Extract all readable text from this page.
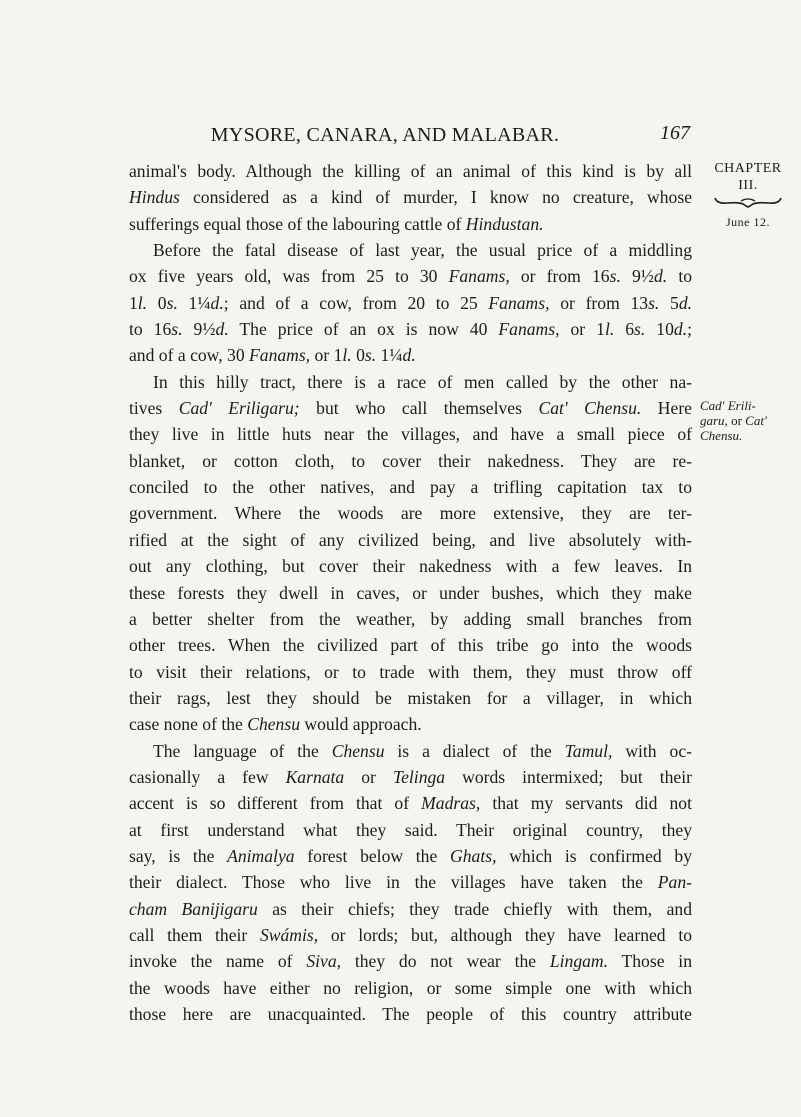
MYSORE, CANARA, AND MALABAR.	167
CHAPTER
III.
June 12.
Cad' Erili-
garu, or Cat'
Chensu.
animal's body. Although the killing of an animal of this kind is by all
Hindus considered as a kind of murder, I know no creature, whose
sufferings equal those of the labouring cattle of Hindustan.
Before the fatal disease of last year, the usual price of a middling
ox five years old, was from 25 to 30 Fanams, or from 16s. 9½d. to
1l. 0s. 1¼d.; and of a cow, from 20 to 25 Fanams, or from 13s. 5d.
to 16s. 9½d. The price of an ox is now 40 Fanams, or 1l. 6s. 10d.;
and of a cow, 30 Fanams, or 1l. 0s. 1¼d.
In this hilly tract, there is a race of men called by the other na-
tives Cad' Eriligaru; but who call themselves Cat' Chensu. Here
they live in little huts near the villages, and have a small piece of
blanket, or cotton cloth, to cover their nakedness. They are re-
conciled to the other natives, and pay a trifling capitation tax to
government. Where the woods are more extensive, they are ter-
rified at the sight of any civilized being, and live absolutely with-
out any clothing, but cover their nakedness with a few leaves. In
these forests they dwell in caves, or under bushes, which they make
a better shelter from the weather, by adding small branches from
other trees. When the civilized part of this tribe go into the woods
to visit their relations, or to trade with them, they must throw off
their rags, lest they should be mistaken for a villager, in which
case none of the Chensu would approach.
The language of the Chensu is a dialect of the Tamul, with oc-
casionally a few Karnata or Telinga words intermixed; but their
accent is so different from that of Madras, that my servants did not
at first understand what they said. Their original country, they
say, is the Animalya forest below the Ghats, which is confirmed by
their dialect. Those who live in the villages have taken the Pan-
cham Banijigaru as their chiefs; they trade chiefly with them, and
call them their Swámis, or lords; but, although they have learned to
invoke the name of Siva, they do not wear the Lingam. Those in
the woods have either no religion, or some simple one with which
those here are unacquainted. The people of this country attribute
